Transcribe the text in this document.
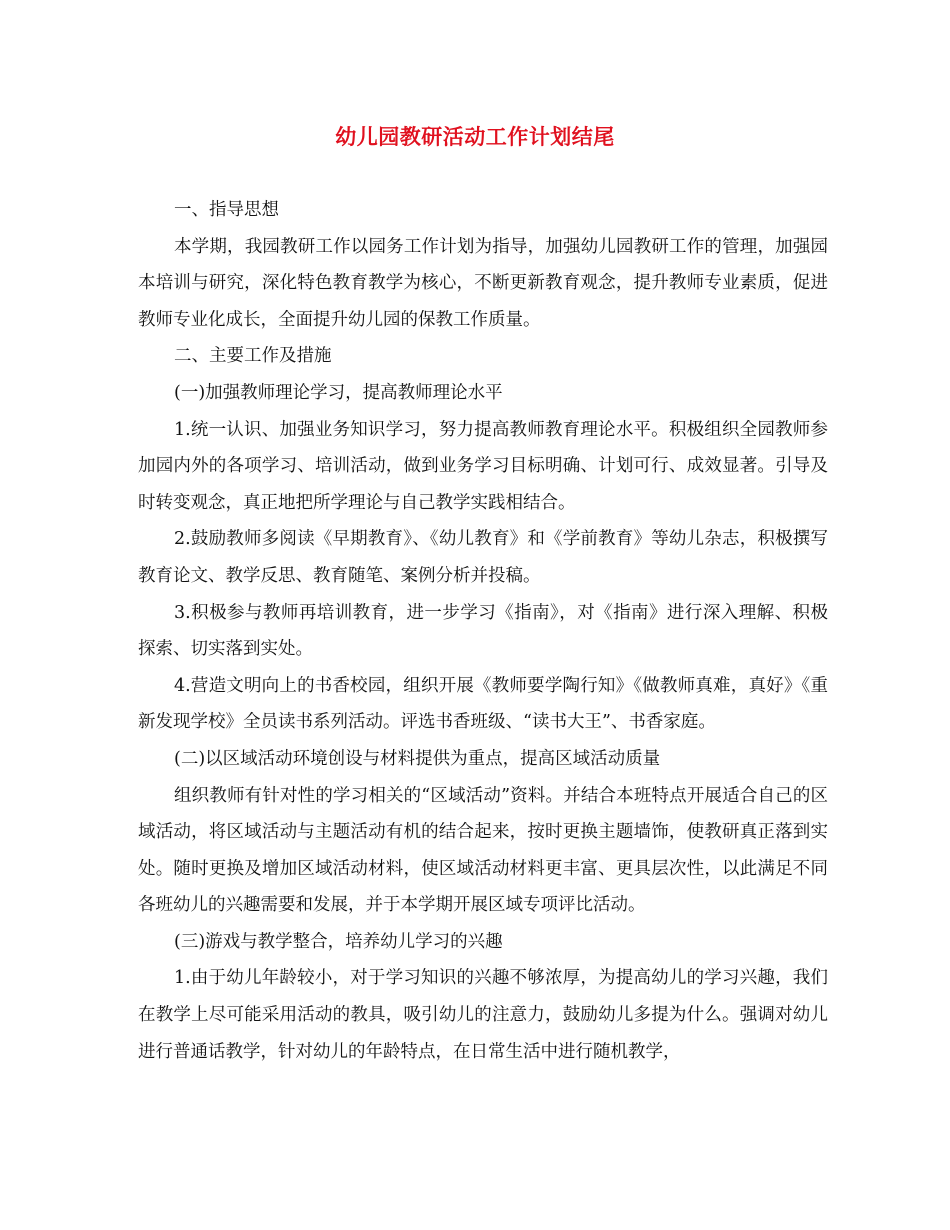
幼儿园教研活动工作计划结尾

一、指导思想

本学期，我园教研工作以园务工作计划为指导，加强幼儿园教研工作的管理，加强园本培训与研究，深化特色教育教学为核心，不断更新教育观念，提升教师专业素质，促进教师专业化成长，全面提升幼儿园的保教工作质量。

二、主要工作及措施

(一)加强教师理论学习，提高教师理论水平

1.统一认识、加强业务知识学习，努力提高教师教育理论水平。积极组织全园教师参加园内外的各项学习、培训活动，做到业务学习目标明确、计划可行、成效显著。引导及时转变观念，真正地把所学理论与自己教学实践相结合。

2.鼓励教师多阅读《早期教育》、《幼儿教育》和《学前教育》等幼儿杂志，积极撰写教育论文、教学反思、教育随笔、案例分析并投稿。

3.积极参与教师再培训教育，进一步学习《指南》，对《指南》进行深入理解、积极探索、切实落到实处。

4.营造文明向上的书香校园，组织开展《教师要学陶行知》《做教师真难，真好》《重新发现学校》全员读书系列活动。评选书香班级、“读书大王”、书香家庭。

(二)以区域活动环境创设与材料提供为重点，提高区域活动质量

组织教师有针对性的学习相关的“区域活动”资料。并结合本班特点开展适合自己的区域活动，将区域活动与主题活动有机的结合起来，按时更换主题墙饰，使教研真正落到实处。随时更换及增加区域活动材料，使区域活动材料更丰富、更具层次性，以此满足不同各班幼儿的兴趣需要和发展，并于本学期开展区域专项评比活动。

(三)游戏与教学整合，培养幼儿学习的兴趣

1.由于幼儿年龄较小，对于学习知识的兴趣不够浓厚，为提高幼儿的学习兴趣，我们在教学上尽可能采用活动的教具，吸引幼儿的注意力，鼓励幼儿多提为什么。强调对幼儿进行普通话教学，针对幼儿的年龄特点，在日常生活中进行随机教学，
